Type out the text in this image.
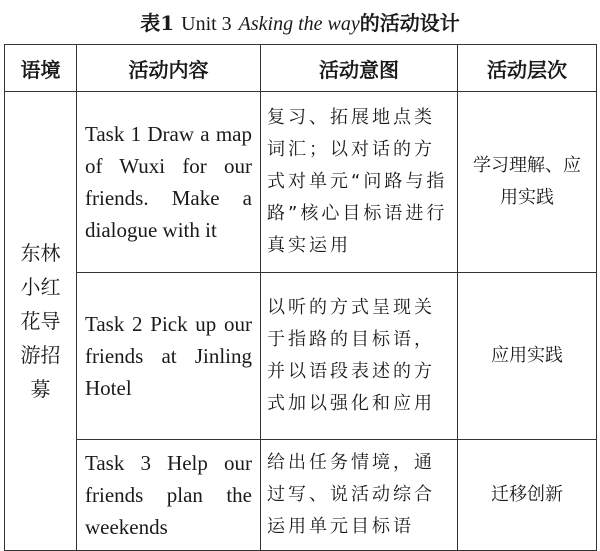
表1 Unit 3 Asking the way的活动设计
语境	活动内容	活动意图	活动层次

东林小红花导游招募	Task 1 Draw a map of Wuxi for our friends. Make a dialogue with it	复习、拓展地点类词汇；以对话的方式对单元“问路与指路”核心目标语进行真实运用	学习理解、应用实践
	Task 2 Pick up our friends at Jinling Hotel	以听的方式呈现关于指路的目标语，并以语段表述的方式加以强化和应用	应用实践
	Task 3 Help our friends plan the weekends	给出任务情境，通过写、说活动综合运用单元目标语	迁移创新
